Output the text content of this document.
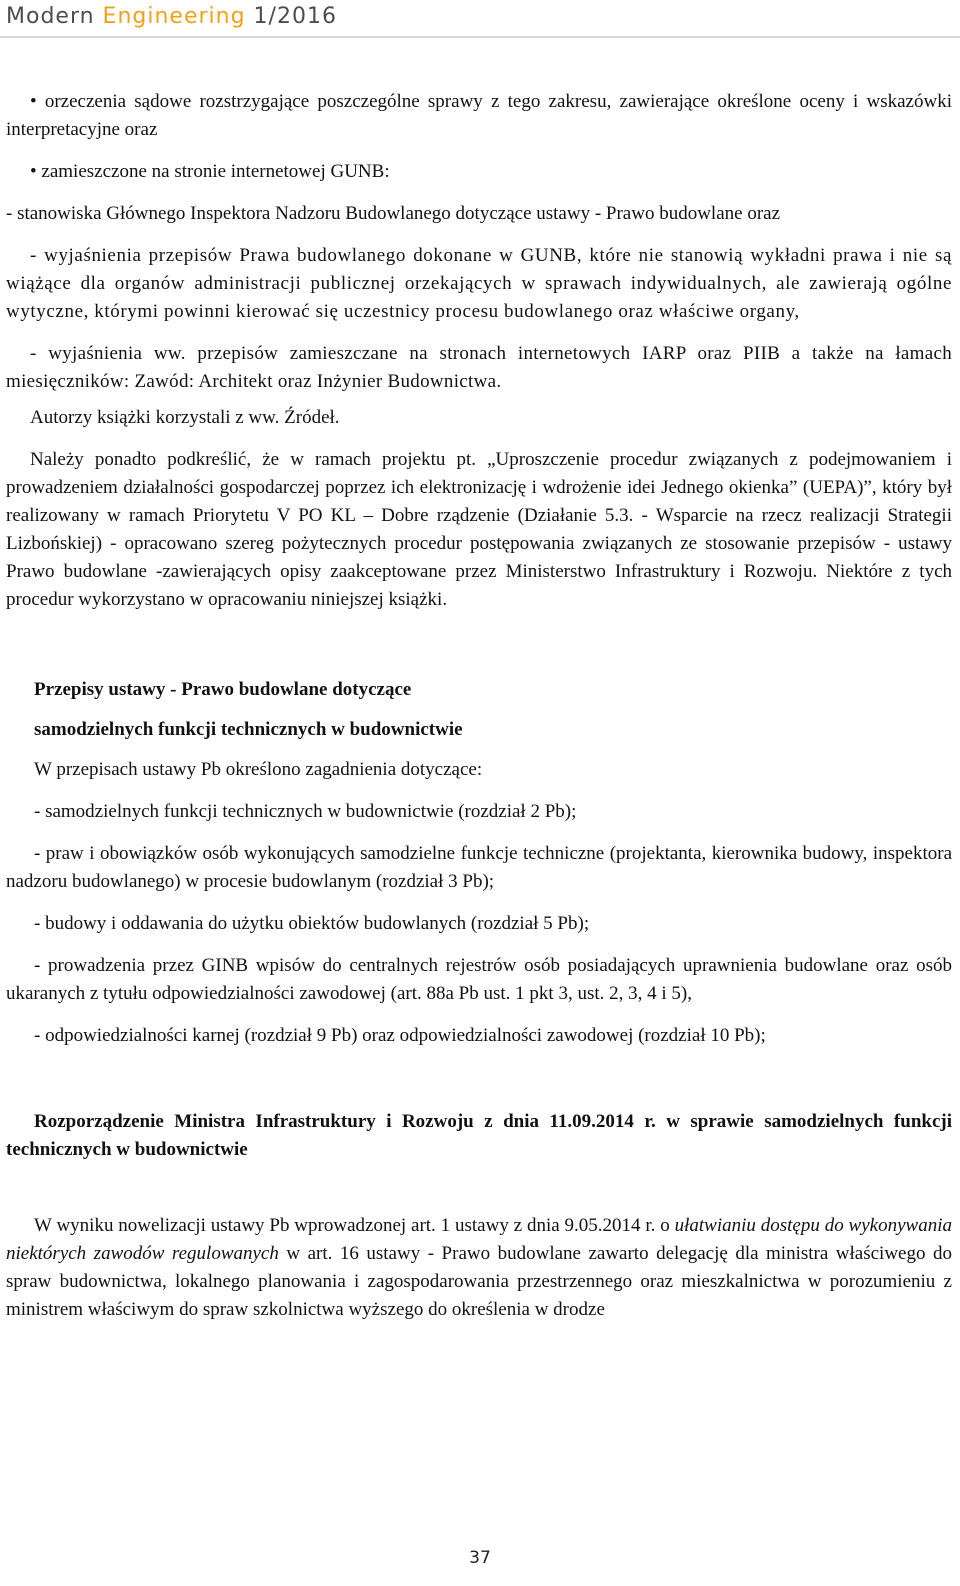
Modern Engineering 1/2016

• orzeczenia sądowe rozstrzygające poszczególne sprawy z tego zakresu, zawierające określone oceny i wskazówki interpretacyjne oraz

• zamieszczone na stronie internetowej GUNB:

- stanowiska Głównego Inspektora Nadzoru Budowlanego dotyczące ustawy - Prawo budowlane oraz

- wyjaśnienia przepisów Prawa budowlanego dokonane w GUNB, które nie stanowią wykładni prawa i nie są wiążące dla organów administracji publicznej orzekających w sprawach indywidualnych, ale zawierają ogólne wytyczne, którymi powinni kierować się uczestnicy procesu budowlanego oraz właściwe organy,

- wyjaśnienia ww. przepisów zamieszczane na stronach internetowych IARP oraz PIIB a także na łamach miesięczników: Zawód: Architekt oraz Inżynier Budownictwa.

Autorzy książki korzystali z ww. Źródeł.

Należy ponadto podkreślić, że w ramach projektu pt. „Uproszczenie procedur związanych z podejmowaniem i prowadzeniem działalności gospodarczej poprzez ich elektronizację i wdrożenie idei Jednego okienka” (UEPA)”, który był realizowany w ramach Priorytetu V PO KL – Dobre rządzenie (Działanie 5.3. - Wsparcie na rzecz realizacji Strategii Lizbońskiej) - opracowano szereg pożytecznych procedur postępowania związanych ze stosowanie przepisów - ustawy Prawo budowlane -zawierających opisy zaakceptowane przez Ministerstwo Infrastruktury i Rozwoju. Niektóre z tych procedur wykorzystano w opracowaniu niniejszej książki.

Przepisy ustawy - Prawo budowlane dotyczące

samodzielnych funkcji technicznych w budownictwie

W przepisach ustawy Pb określono zagadnienia dotyczące:

- samodzielnych funkcji technicznych w budownictwie (rozdział 2 Pb);

- praw i obowiązków osób wykonujących samodzielne funkcje techniczne (projektanta, kierownika budowy, inspektora nadzoru budowlanego) w procesie budowlanym (rozdział 3 Pb);

- budowy i oddawania do użytku obiektów budowlanych (rozdział 5 Pb);

- prowadzenia przez GINB wpisów do centralnych rejestrów osób posiadających uprawnienia budowlane oraz osób ukaranych z tytułu odpowiedzialności zawodowej (art. 88a Pb ust. 1 pkt 3, ust. 2, 3, 4 i 5),

- odpowiedzialności karnej (rozdział 9 Pb) oraz odpowiedzialności zawodowej (rozdział 10 Pb);

Rozporządzenie Ministra Infrastruktury i Rozwoju z dnia 11.09.2014 r. w sprawie samodzielnych funkcji technicznych w budownictwie

W wyniku nowelizacji ustawy Pb wprowadzonej art. 1 ustawy z dnia 9.05.2014 r. o ułatwianiu dostępu do wykonywania niektórych zawodów regulowanych w art. 16 ustawy - Prawo budowlane zawarto delegację dla ministra właściwego do spraw budownictwa, lokalnego planowania i zagospodarowania przestrzennego oraz mieszkalnictwa w porozumieniu z ministrem właściwym do spraw szkolnictwa wyższego do określenia w drodze

37
